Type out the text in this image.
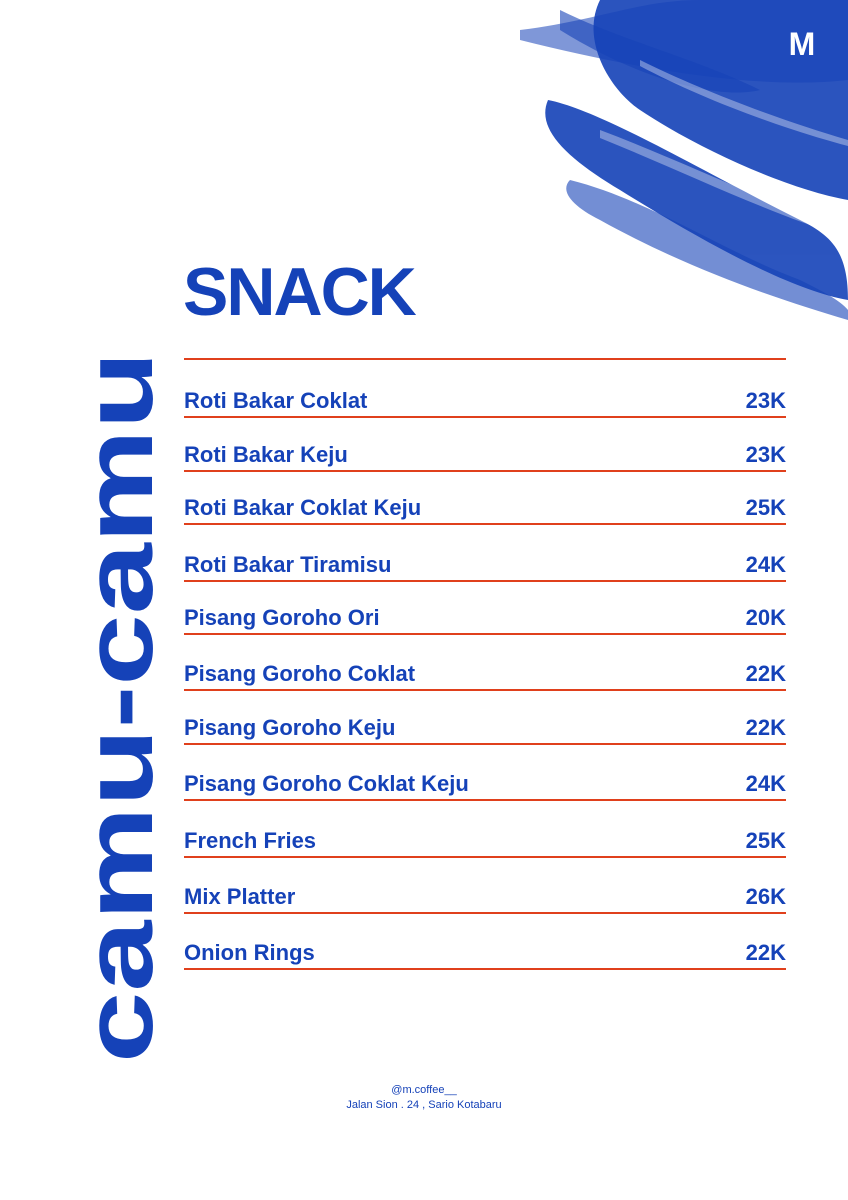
M
SNACK
camu-camu
Roti Bakar Coklat	23K
Roti Bakar Keju	23K
Roti Bakar Coklat Keju	25K
Roti Bakar Tiramisu	24K
Pisang Goroho Ori	20K
Pisang Goroho Coklat	22K
Pisang Goroho Keju	22K
Pisang Goroho Coklat Keju	24K
French Fries	25K
Mix Platter	26K
Onion Rings	22K
@m.coffee__
Jalan Sion . 24 , Sario Kotabaru
